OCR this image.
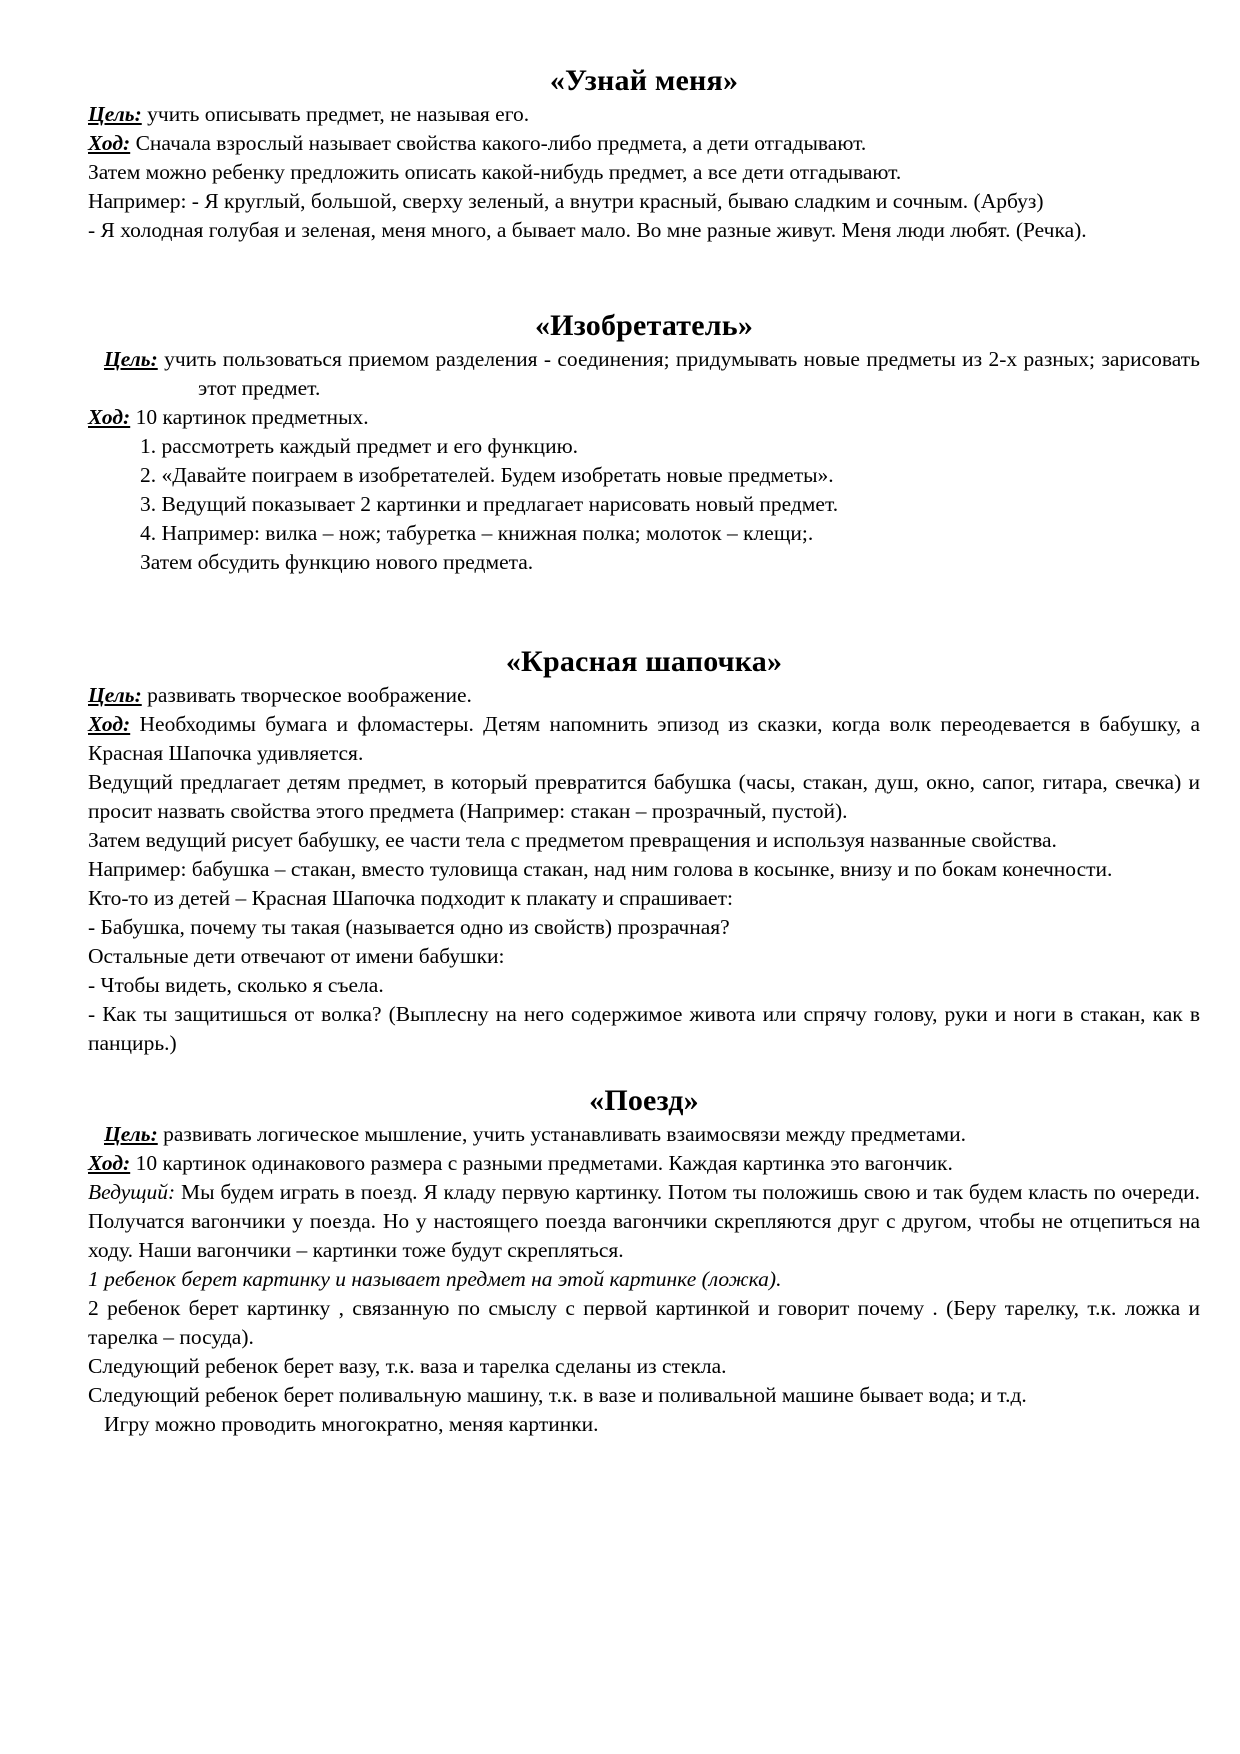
«Узнай меня»

Цель: учить описывать предмет, не называя его.

Ход: Сначала взрослый называет свойства какого-либо предмета, а дети отгадывают.

Затем можно ребенку предложить описать какой-нибудь предмет, а все дети отгадывают.

Например: - Я круглый, большой, сверху зеленый, а внутри красный, бываю сладким и сочным. (Арбуз)

- Я холодная голубая и зеленая, меня много, а бывает мало. Во мне разные живут. Меня люди любят. (Речка).

«Изобретатель»

Цель: учить пользоваться приемом разделения - соединения; придумывать новые предметы из 2-х разных; зарисовать этот предмет.

Ход: 10 картинок предметных.

1. рассмотреть каждый предмет и его функцию.

2. «Давайте поиграем в изобретателей. Будем изобретать новые предметы».

3. Ведущий показывает 2 картинки и предлагает нарисовать новый предмет.

4. Например: вилка – нож; табуретка – книжная полка; молоток – клещи;.

Затем обсудить функцию нового предмета.

«Красная шапочка»

Цель: развивать творческое воображение.

Ход: Необходимы бумага и фломастеры. Детям напомнить эпизод из сказки, когда волк переодевается в бабушку, а Красная Шапочка удивляется.

Ведущий предлагает детям предмет, в который превратится бабушка (часы, стакан, душ, окно, сапог, гитара, свечка) и просит назвать свойства этого предмета (Например: стакан – прозрачный, пустой).

Затем ведущий рисует бабушку, ее части тела с предметом превращения и используя названные свойства.

Например: бабушка – стакан, вместо туловища стакан, над ним голова в косынке, внизу и по бокам конечности.

Кто-то из детей – Красная Шапочка подходит к плакату и спрашивает:

- Бабушка, почему ты такая (называется одно из свойств) прозрачная?

Остальные дети отвечают от имени бабушки:

- Чтобы видеть, сколько я съела.

- Как ты защитишься от волка? (Выплесну на него содержимое живота или спрячу голову, руки и ноги в стакан, как в панцирь.)

«Поезд»

Цель: развивать логическое мышление, учить устанавливать взаимосвязи между предметами.

Ход: 10 картинок одинакового размера с разными предметами. Каждая картинка это вагончик.

Ведущий: Мы будем играть в поезд. Я кладу первую картинку. Потом ты положишь свою и так будем класть по очереди. Получатся вагончики у поезда. Но у настоящего поезда вагончики скрепляются друг с другом, чтобы не отцепиться на ходу. Наши вагончики – картинки тоже будут скрепляться.

1 ребенок берет картинку и называет предмет на этой картинке (ложка).

2 ребенок берет картинку , связанную по смыслу с первой картинкой и говорит почему . (Беру тарелку, т.к. ложка и тарелка – посуда).

Следующий ребенок берет вазу, т.к. ваза и тарелка сделаны из стекла.

Следующий ребенок берет поливальную машину, т.к. в вазе и поливальной машине бывает вода; и т.д.

Игру можно проводить многократно, меняя картинки.
